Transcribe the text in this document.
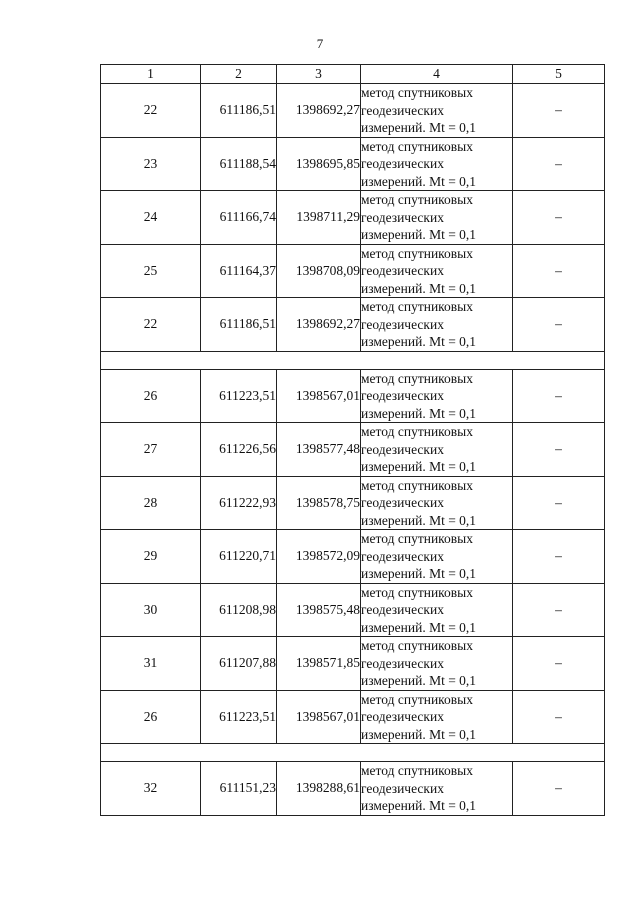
7
1	2	3	4	5
22	611186,51	1398692,27	метод спутниковых
геодезических
измерений. Mt = 0,1	–
23	611188,54	1398695,85	метод спутниковых
геодезических
измерений. Mt = 0,1	–
24	611166,74	1398711,29	метод спутниковых
геодезических
измерений. Mt = 0,1	–
25	611164,37	1398708,09	метод спутниковых
геодезических
измерений. Mt = 0,1	–
22	611186,51	1398692,27	метод спутниковых
геодезических
измерений. Mt = 0,1	–

26	611223,51	1398567,01	метод спутниковых
геодезических
измерений. Mt = 0,1	–
27	611226,56	1398577,48	метод спутниковых
геодезических
измерений. Mt = 0,1	–
28	611222,93	1398578,75	метод спутниковых
геодезических
измерений. Mt = 0,1	–
29	611220,71	1398572,09	метод спутниковых
геодезических
измерений. Mt = 0,1	–
30	611208,98	1398575,48	метод спутниковых
геодезических
измерений. Mt = 0,1	–
31	611207,88	1398571,85	метод спутниковых
геодезических
измерений. Mt = 0,1	–
26	611223,51	1398567,01	метод спутниковых
геодезических
измерений. Mt = 0,1	–

32	611151,23	1398288,61	метод спутниковых
геодезических
измерений. Mt = 0,1	–
